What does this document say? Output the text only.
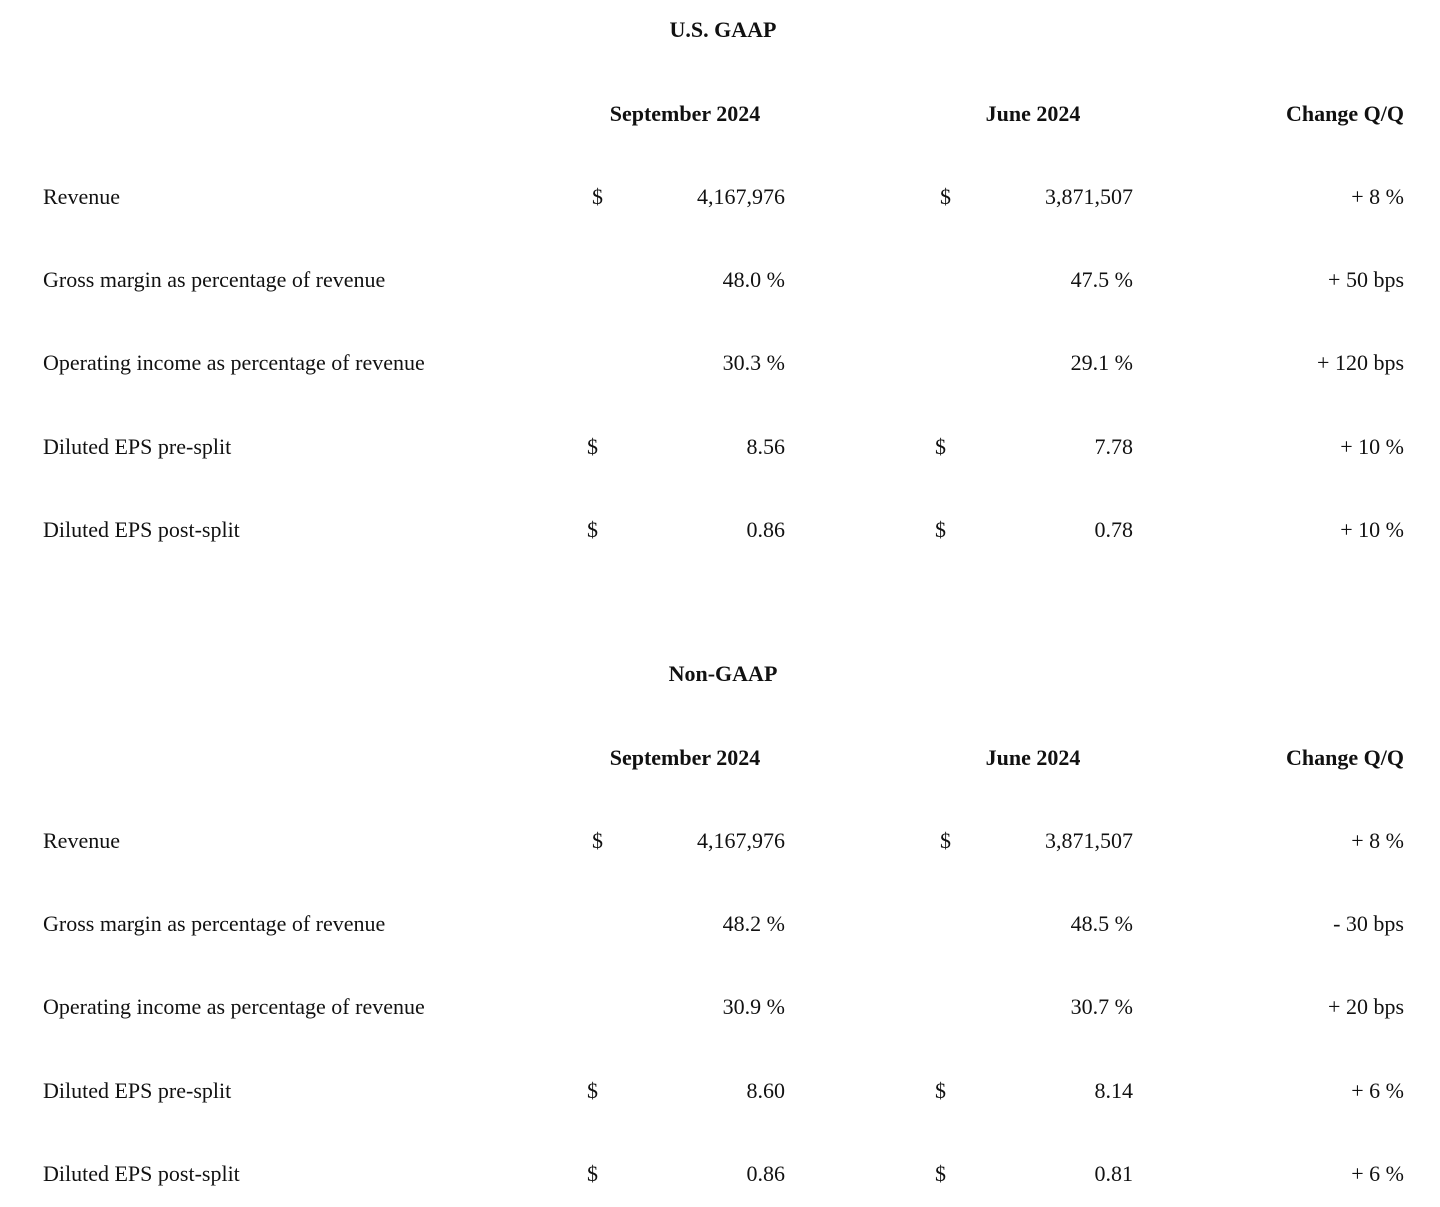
U.S. GAAP
September 2024	June 2024	Change Q/Q
Revenue	$	4,167,976	$	3,871,507	+ 8 %
Gross margin as percentage of revenue	48.0 %	47.5 %	+ 50 bps
Operating income as percentage of revenue	30.3 %	29.1 %	+ 120 bps
Diluted EPS pre-split	$	8.56	$	7.78	+ 10 %
Diluted EPS post-split	$	0.86	$	0.78	+ 10 %
Non-GAAP
September 2024	June 2024	Change Q/Q
Revenue	$	4,167,976	$	3,871,507	+ 8 %
Gross margin as percentage of revenue	48.2 %	48.5 %	- 30 bps
Operating income as percentage of revenue	30.9 %	30.7 %	+ 20 bps
Diluted EPS pre-split	$	8.60	$	8.14	+ 6 %
Diluted EPS post-split	$	0.86	$	0.81	+ 6 %
